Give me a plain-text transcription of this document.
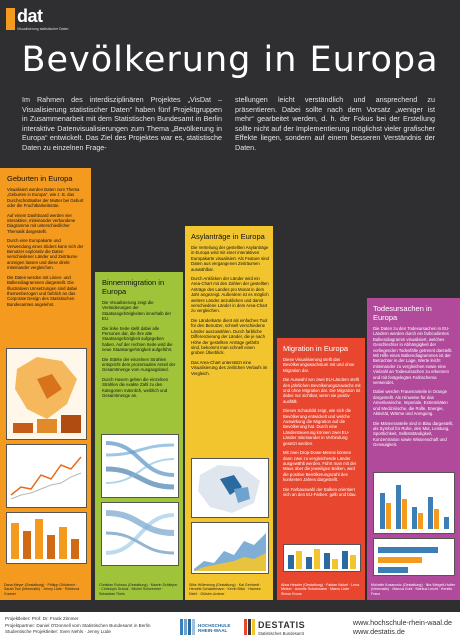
dat
Visualisierung statistischer Daten
Bevölkerung in Europa
Im Rahmen des interdisziplinären Projektes „VisDat – Visualisierung statistischer Daten“ haben fünf Projektgruppen in Zusammenarbeit mit dem Statistischen Bundesamt in Berlin interaktive Datenvisualisierungen zum Thema „Bevölkerung in Europa“ entwickelt. Das Ziel des Projektes war es, statistische Daten zu einzelnen Frage-
stellungen leicht verständlich und ansprechend zu präsentieren. Dabei sollte nach dem Vorsatz „weniger ist mehr“ gearbeitet werden, d. h. der Fokus bei der Erstellung sollte nicht auf der Implementierung möglichst vieler grafischer Effekte liegen, sondern auf einem besseren Verständnis der Daten.
Geburten in Europa

Visualisiert werden Daten zum Thema „Geburten in Europa“, wie z. B. das Durchschnittsalter der Mutter bei Geburt oder die Fruchtbarkeitsrate.

Auf einem Dashboard werden vier interaktive, miteinander verbundene Diagramme mit unterschiedlicher Thematik dargestellt.

Durch eine Europakarte und Verwendung eines Sliders kann sich der Benutzer explorativ die Daten verschiedener Länder und Zeiträume anzeigen lassen und diese direkt miteinander vergleichen.

Die Daten werden mit Linien- und Balkendiagrammen dargestellt. Die Illustrativen Umsetzungen sind dabei themenbezogen und farblich an das Corporate Design des Statistischen Bundesamtes angelehnt.

Dana Meyer (Gestaltung) · Philipp Gökdemir · Sarah Tsoi (Informatik) · Jenny Lüde · Rebecca Cramer
Binnenmigration in Europa

Die Visualisierung zeigt die Veränderungen der Staatsangehörigkeiten innerhalb der EU.

Die linke Seite stellt dabei alle Personen dar, die ihre alte Staatsangehörigkeit aufgegeben haben. Auf der rechten Seite wird die neue Staatsangehörigkeit aufgeführt.

Die Stärke der einzelnen Strahlen entspricht dem prozentualen Anteil der Gesamtmenge vom Ausgangsland.

Durch Hovern geben die einzelnen Strahlen die exakte Zahl zu den Kategorien männlich, weiblich und Gesamtmenge an.

Christian Ruhnau (Gestaltung) · Marvin Schlieper · Christoph Scholz · Michel Schwermer · Sebastian Theis
Asylanträge in Europa

Die Verteilung der gestellten Asylanträge in Europa wird mit einer interaktiven Europakarte visualisiert. Als Feature sind Daten aus vergangenen Zeiträumen auswählbar.

Durch Anklicken der Länder wird ein Area-Chart mit den Zahlen der gestellten Anträge des Landes pro Monat in dem Jahr angezeigt. Außerdem ist es möglich weitere Länder anzuklicken und damit verschiedene Länder in dem Area-Chart zu vergleichen.

Die Länderkarte dient als einfaches Tool für den Benutzer, schnell verschiedene Länder auszuwählen. Durch farbliche Differenzierung der Länder, die je nach Höhe der gestellten Anträge gefärbt sind, bekommt man schnell einen groben Überblick.

Das Area-Chart unterstützt eine Visualisierung des zeitlichen Verlaufs im Vergleich.

Silke Willenborg (Gestaltung) · Kai Gerhardt · Hendrik Schaldemann · Kevin Blick · Hannes Diehl · Gülsim Lindner
Migration in Europa

Diese Visualisierung stellt das Bevölkerungswachstum mit und ohne Migration dar.

Die Auswahl von zwei EU-Ländern stellt den jährlichen Bevölkerungszuwachs mit und ohne Migration dar. Die Migration ist dabei nur sichtbar, wenn sie positiv ausfällt.

Dieses Schaubild zeigt, wie sich die Bevölkerung entwickelt und welche Auswirkung die Migration auf die Bevölkerung hat. Durch eine Ländersteuerung können zwei EU-Länder miteinander in Verbindung gesetzt werden.

Mit zwei Drop-Down-Menüs können dann zwei zu vergleichende Länder ausgewählt werden. Führt man mit der Maus über die jeweiligen Balken, wird die positive Bevölkerungszahl des konkreten Jahres dargestellt.

Die Farbauswahl der Balken orientiert sich an den EU-Farben: gelb und blau.

Alina Hessler (Gestaltung) · Fabian Nickel · Lena Meiser · Annelie Schuhmann · Marco Lüde · Simon Krone
Todesursachen in Europa

Die Daten zu den Todesursachen in EU-Ländern werden durch ein farbcodiertes Balkendiagramm visualisiert, welches Geschlechter in Abhängigkeit der vorliegenden Todesfälle getrennt darstellt. Mit Hilfe eines Balkendiagrammes ist der Betrachter in der Lage, Werte leicht miteinander zu vergleichen sowie eine Vielzahl an Todesursachen zu erkennen und mit festgelegtes Farbschema verwendet.

Dabei werden Frauenanteile in Orange dargestellt. Als Hinweise für das Amerikanische, Imperiale, Extremitäten und Medizinische, die Rolle, Energie, Aktivität, Wärme und Anregung.

Die Männeranteile sind in Blau dargestellt, als Symbol für Ruhe, den Mut, Leistung, Sportlichkeit, Selbstständigkeit, Konzentration sowie Wissenschaft und Genauigkeit.

Michelle Kosanovic (Gestaltung) · Ilka Weigelt-Hutter (Informatik) · Marcus Kohl · Markus Leicht · Kerstin Franz
Projektleiter: Prof. Dr. Frank Zimmer
Projektpartner: Daniel O'Donnell vom Statistischen Bundesamt in Berlin
Studentische Projektleiter: Sven Nehls · Jenny Lüde
HOCHSCHULE RHEIN-WAAL
DESTATIS
Statistisches Bundesamt
www.hochschule-rhein-waal.de
www.destatis.de
